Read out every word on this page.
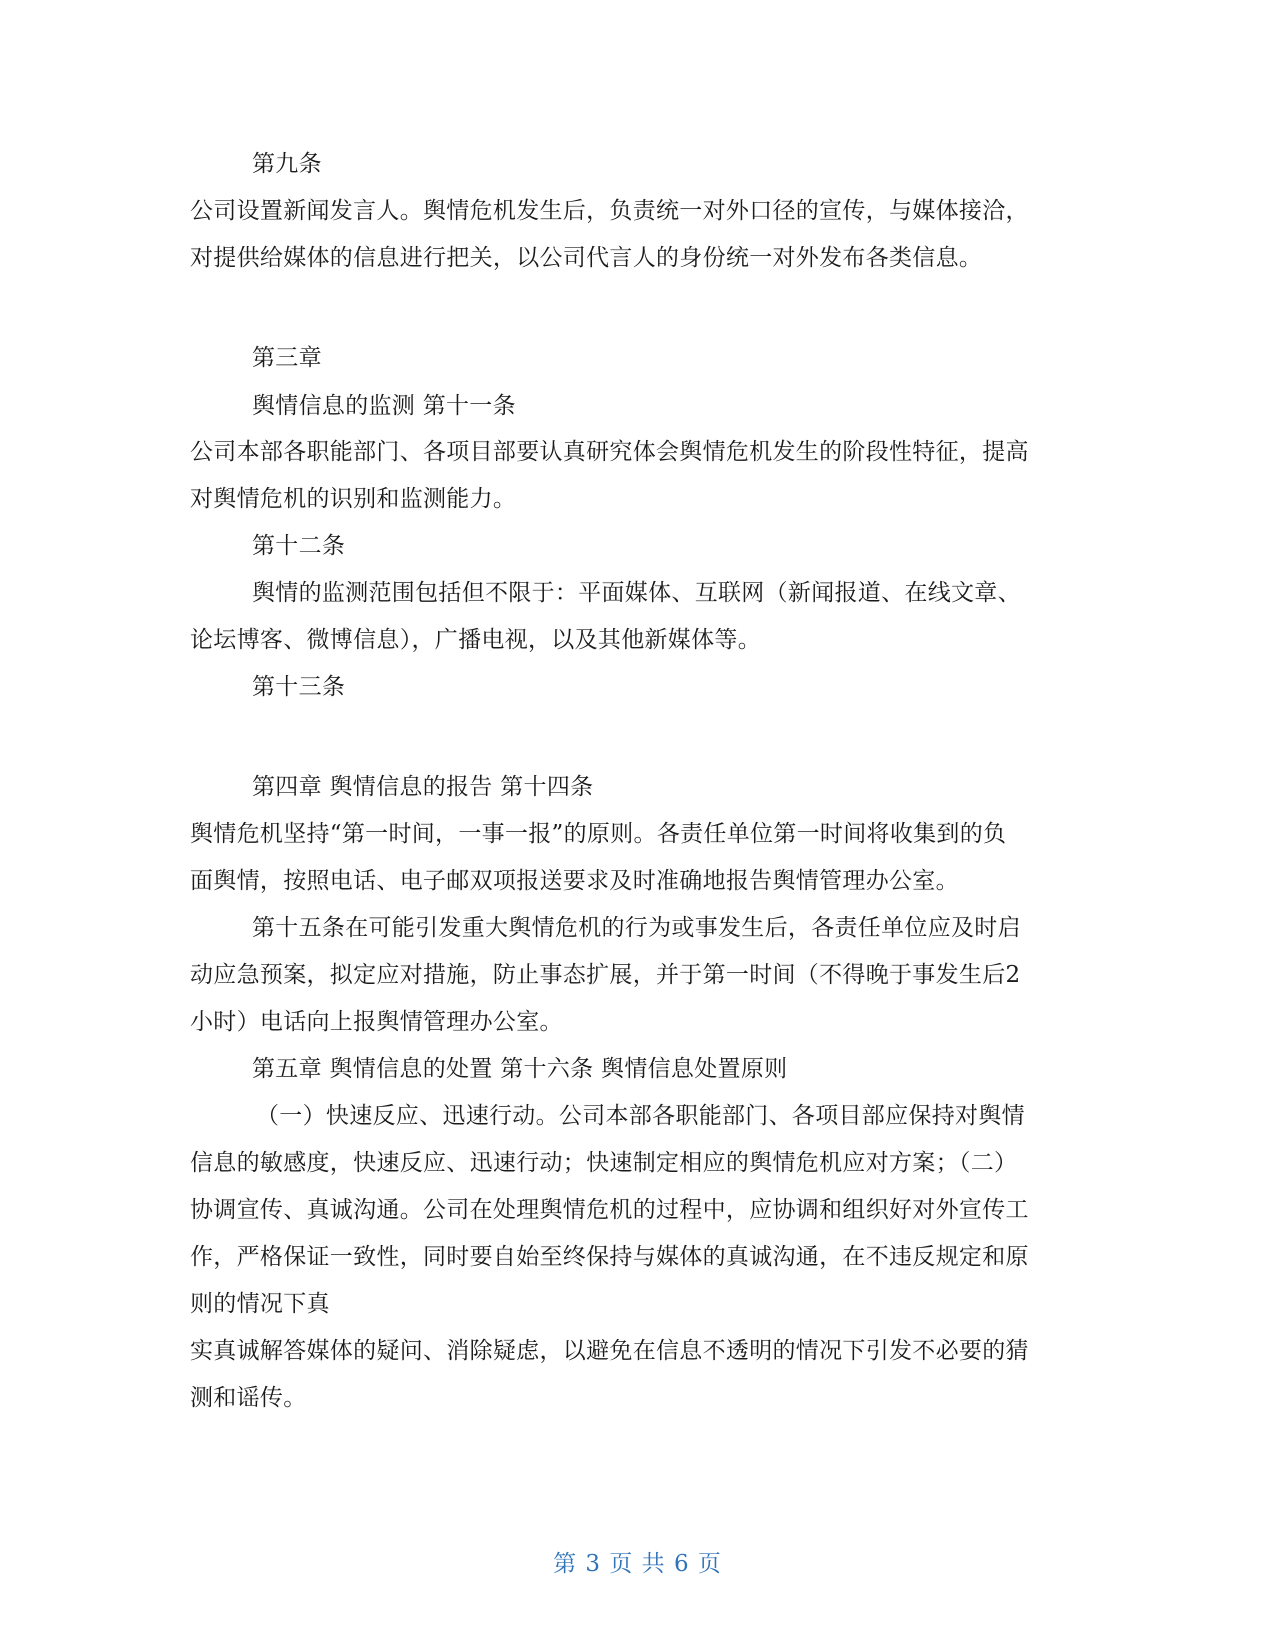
第九条
公司设置新闻发言人。舆情危机发生后，负责统一对外口径的宣传，与媒体接洽，
对提供给媒体的信息进行把关，以公司代言人的身份统一对外发布各类信息。
第三章
舆情信息的监测 第十一条
公司本部各职能部门、各项目部要认真研究体会舆情危机发生的阶段性特征，提高
对舆情危机的识别和监测能力。
第十二条
舆情的监测范围包括但不限于：平面媒体、互联网（新闻报道、在线文章、
论坛博客、微博信息），广播电视，以及其他新媒体等。
第十三条
第四章 舆情信息的报告 第十四条
舆情危机坚持“第一时间，一事一报”的原则。各责任单位第一时间将收集到的负
面舆情，按照电话、电子邮双项报送要求及时准确地报告舆情管理办公室。
第十五条在可能引发重大舆情危机的行为或事发生后，各责任单位应及时启
动应急预案，拟定应对措施，防止事态扩展，并于第一时间（不得晚于事发生后2
小时）电话向上报舆情管理办公室。
第五章 舆情信息的处置 第十六条 舆情信息处置原则
（一）快速反应、迅速行动。公司本部各职能部门、各项目部应保持对舆情
信息的敏感度，快速反应、迅速行动；快速制定相应的舆情危机应对方案；（二）
协调宣传、真诚沟通。公司在处理舆情危机的过程中，应协调和组织好对外宣传工
作，严格保证一致性，同时要自始至终保持与媒体的真诚沟通，在不违反规定和原
则的情况下真
实真诚解答媒体的疑问、消除疑虑，以避免在信息不透明的情况下引发不必要的猜
测和谣传。
第 3 页 共 6 页
